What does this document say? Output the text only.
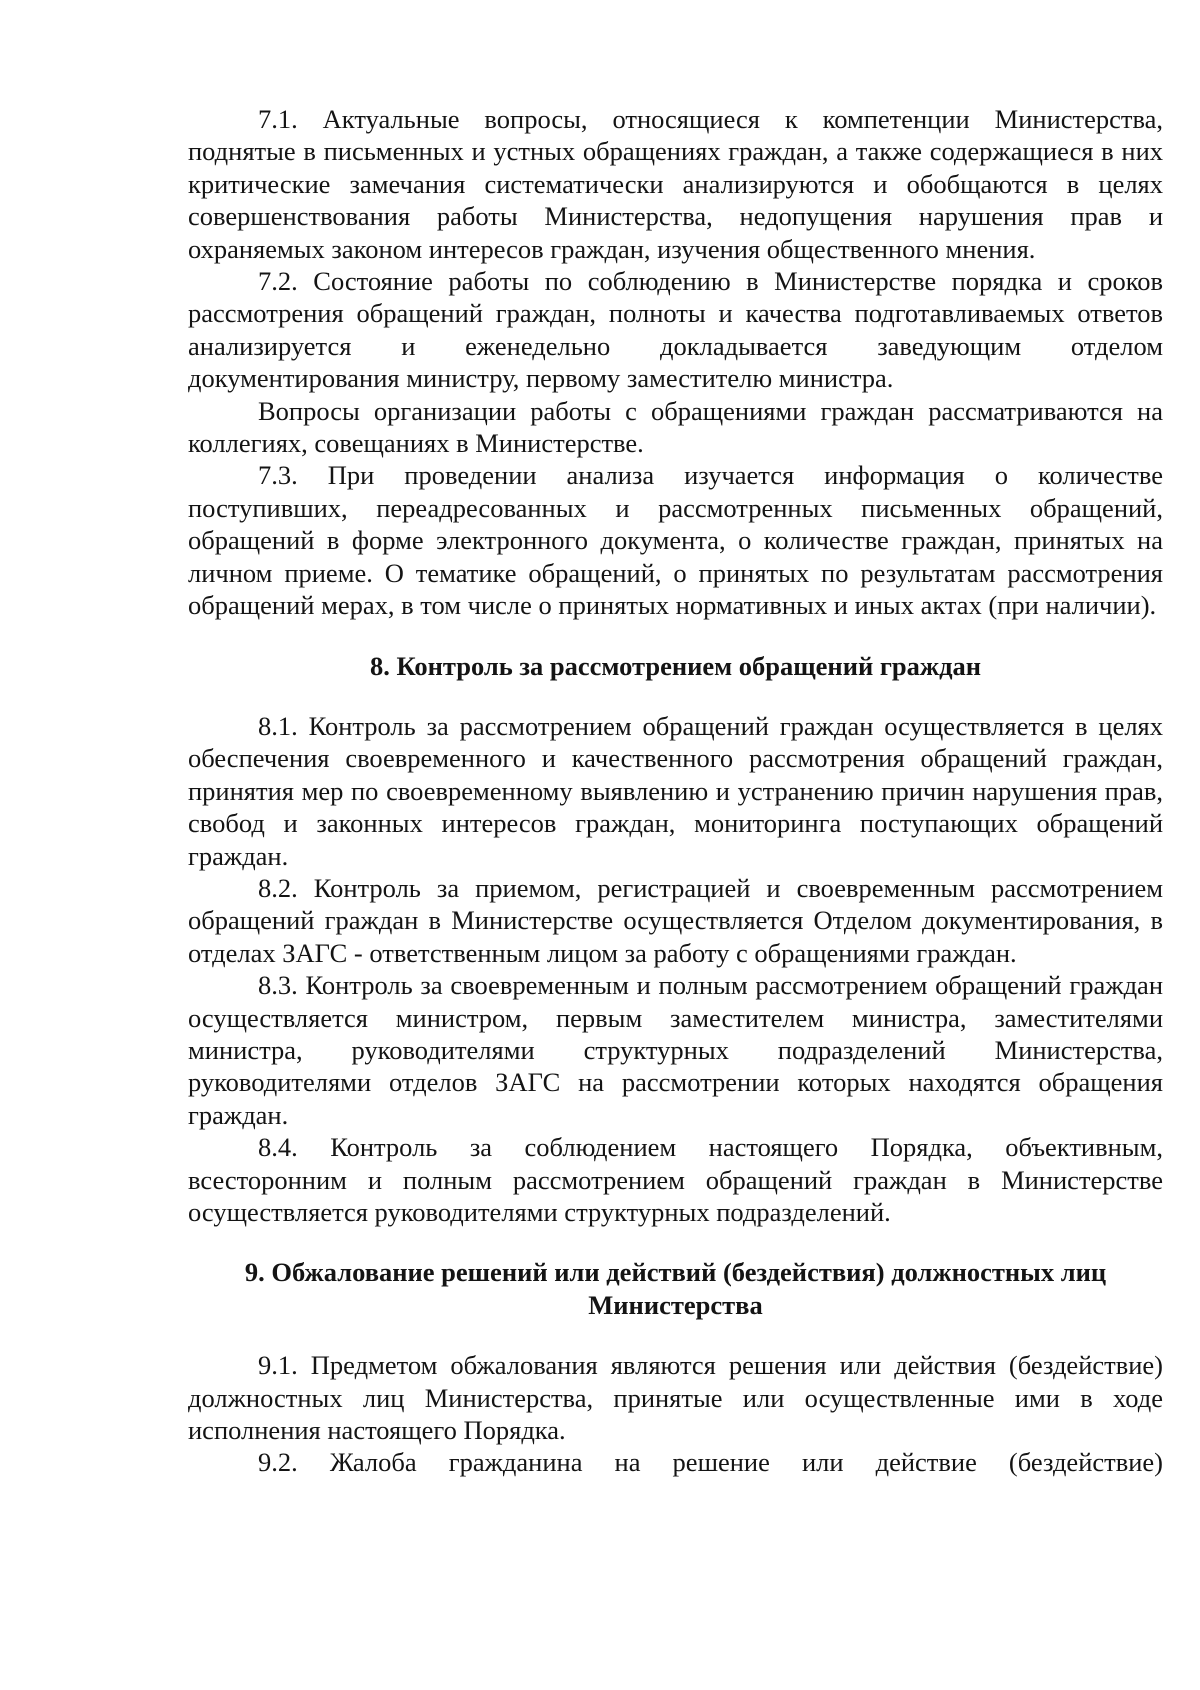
7.1. Актуальные вопросы, относящиеся к компетенции Министерства, поднятые в письменных и устных обращениях граждан, а также содержащиеся в них критические замечания систематически анализируются и обобщаются в целях совершенствования работы Министерства, недопущения нарушения прав и охраняемых законом интересов граждан, изучения общественного мнения.

7.2. Состояние работы по соблюдению в Министерстве порядка и сроков рассмотрения обращений граждан, полноты и качества подготавливаемых ответов анализируется и еженедельно докладывается заведующим отделом документирования министру, первому заместителю министра.

Вопросы организации работы с обращениями граждан рассматриваются на коллегиях, совещаниях в Министерстве.

7.3. При проведении анализа изучается информация о количестве поступивших, переадресованных и рассмотренных письменных обращений, обращений в форме электронного документа, о количестве граждан, принятых на личном приеме. О тематике обращений, о принятых по результатам рассмотрения обращений мерах, в том числе о принятых нормативных и иных актах (при наличии).

8. Контроль за рассмотрением обращений граждан

8.1. Контроль за рассмотрением обращений граждан осуществляется в целях обеспечения своевременного и качественного рассмотрения обращений граждан, принятия мер по своевременному выявлению и устранению причин нарушения прав, свобод и законных интересов граждан, мониторинга поступающих обращений граждан.

8.2. Контроль за приемом, регистрацией и своевременным рассмотрением обращений граждан в Министерстве осуществляется Отделом документирования, в отделах ЗАГС - ответственным лицом за работу с обращениями граждан.

8.3. Контроль за своевременным и полным рассмотрением обращений граждан осуществляется министром, первым заместителем министра, заместителями министра, руководителями структурных подразделений Министерства, руководителями отделов ЗАГС на рассмотрении которых находятся обращения граждан.

8.4. Контроль за соблюдением настоящего Порядка, объективным, всесторонним и полным рассмотрением обращений граждан в Министерстве осуществляется руководителями структурных подразделений.

9. Обжалование решений или действий (бездействия) должностных лиц
Министерства

9.1. Предметом обжалования являются решения или действия (бездействие) должностных лиц Министерства, принятые или осуществленные ими в ходе исполнения настоящего Порядка.

9.2. Жалоба гражданина на решение или действие (бездействие)
